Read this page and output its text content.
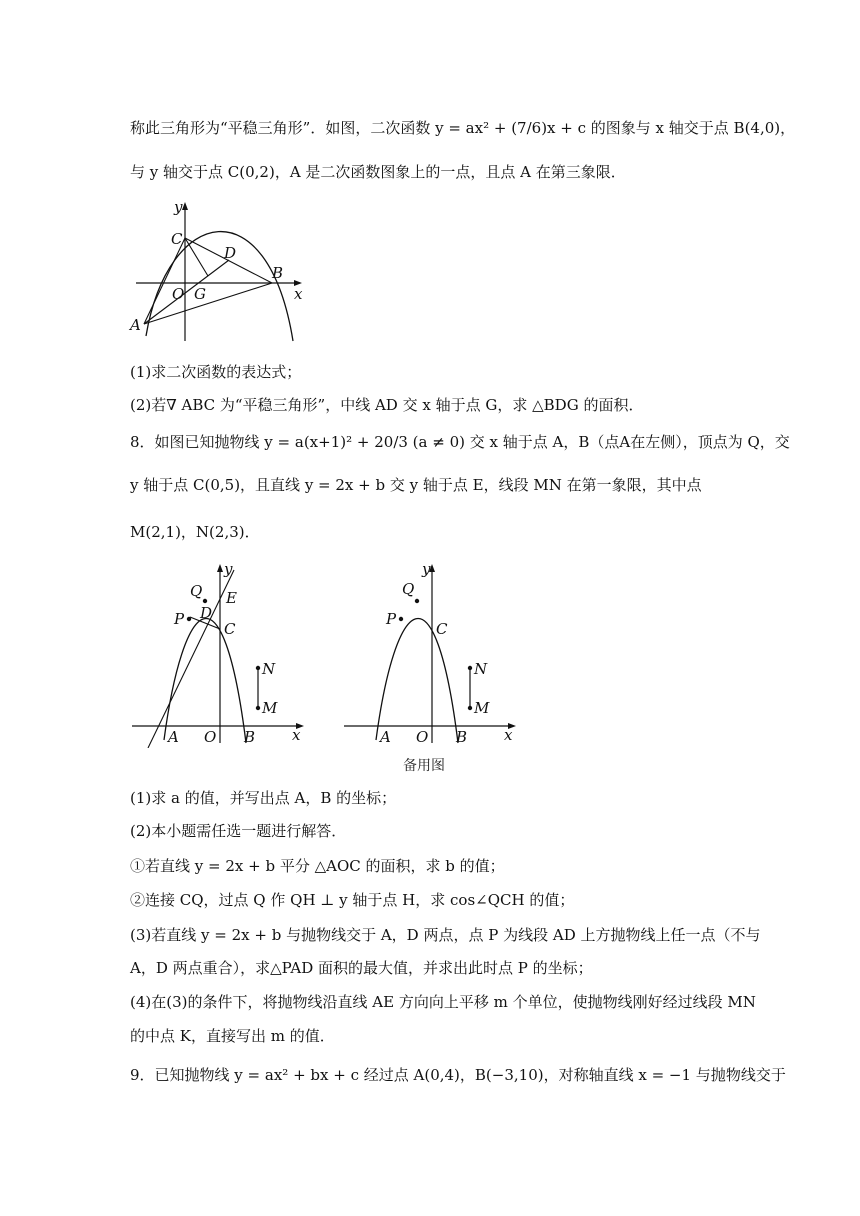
称此三角形为“平稳三角形”．如图，二次函数 y = ax² + (7/6)x + c 的图象与 x 轴交于点 B(4,0)，
与 y 轴交于点 C(0,2)，A 是二次函数图象上的一点，且点 A 在第三象限．
y
x
C
D
B
O G
A
(1)求二次函数的表达式；
(2)若∇ ABC 为“平稳三角形”，中线 AD 交 x 轴于点 G，求 △BDG 的面积．
8．如图已知抛物线 y = a(x+1)² + 20/3 (a ≠ 0) 交 x 轴于点 A，B（点A在左侧），顶点为 Q，交
y 轴于点 C(0,5)，且直线 y = 2x + b 交 y 轴于点 E，线段 MN 在第一象限，其中点
M(2,1)，N(2,3)．
y
x
Q E
D
P
C
N
M
A O B
y
x
Q
P
C
N
M
A O B
备用图
(1)求 a 的值，并写出点 A，B 的坐标；
(2)本小题需任选一题进行解答．
①若直线 y = 2x + b 平分 △AOC 的面积，求 b 的值；
②连接 CQ，过点 Q 作 QH ⊥ y 轴于点 H，求 cos∠QCH 的值；
(3)若直线 y = 2x + b 与抛物线交于 A，D 两点，点 P 为线段 AD 上方抛物线上任一点（不与
A，D 两点重合），求△PAD 面积的最大值，并求出此时点 P 的坐标；
(4)在(3)的条件下，将抛物线沿直线 AE 方向向上平移 m 个单位，使抛物线刚好经过线段 MN
的中点 K，直接写出 m 的值．
9．已知抛物线 y = ax² + bx + c 经过点 A(0,4)，B(−3,10)，对称轴直线 x = −1 与抛物线交于
